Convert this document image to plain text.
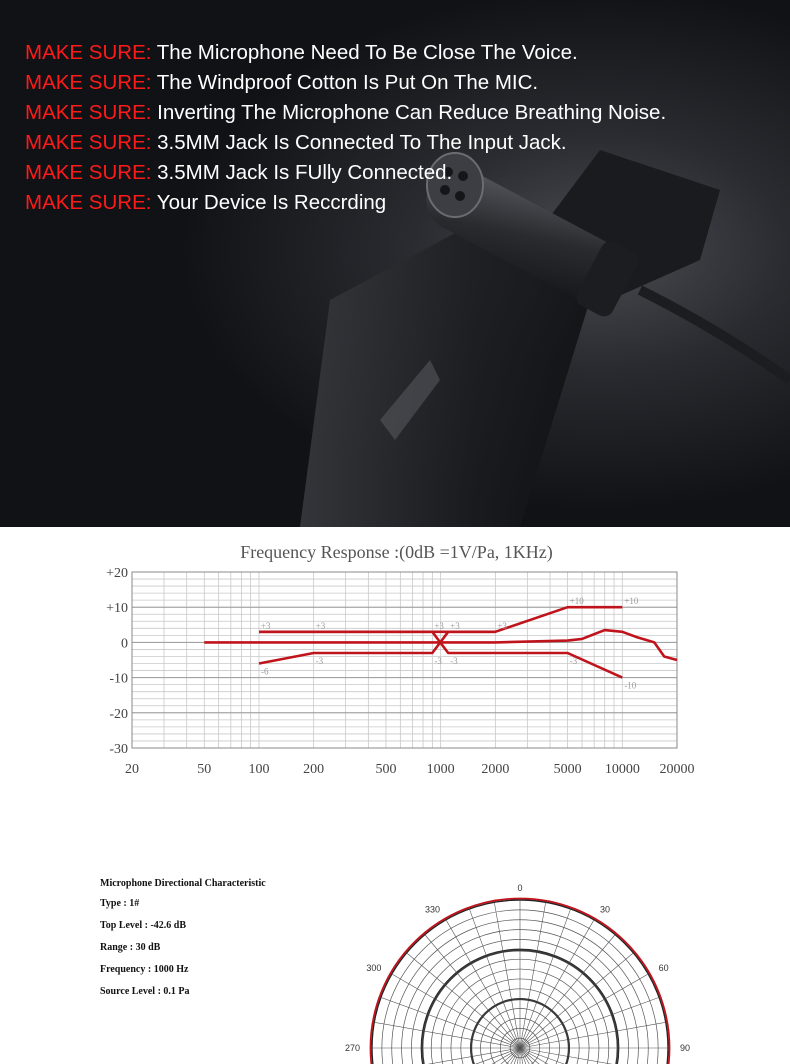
MAKE SURE: The Microphone Need To Be Close The Voice.
MAKE SURE: The Windproof Cotton Is Put On The MIC.
MAKE SURE: Inverting The Microphone Can Reduce Breathing Noise.
MAKE SURE: 3.5MM Jack Is Connected To The Input Jack.
MAKE SURE: 3.5MM Jack Is FUlly Connected.
MAKE SURE: Your Device Is Reccrding
Frequency Response :(0dB =1V/Pa, 1KHz)
+20
+10
0
-10
-20
-30
20	50	100 200	500 1000 2000	5000 10000 20000
+3	+3	+3 +3	+3
+10	+10
-6
-3	-3 -3	-3
-10
Microphone Directional Characteristic
Type : 1#
Top Level : -42.6 dB
Range : 30 dB
Frequency : 1000 Hz
Source Level : 0.1 Pa
0
30
60
90
270
300
330
